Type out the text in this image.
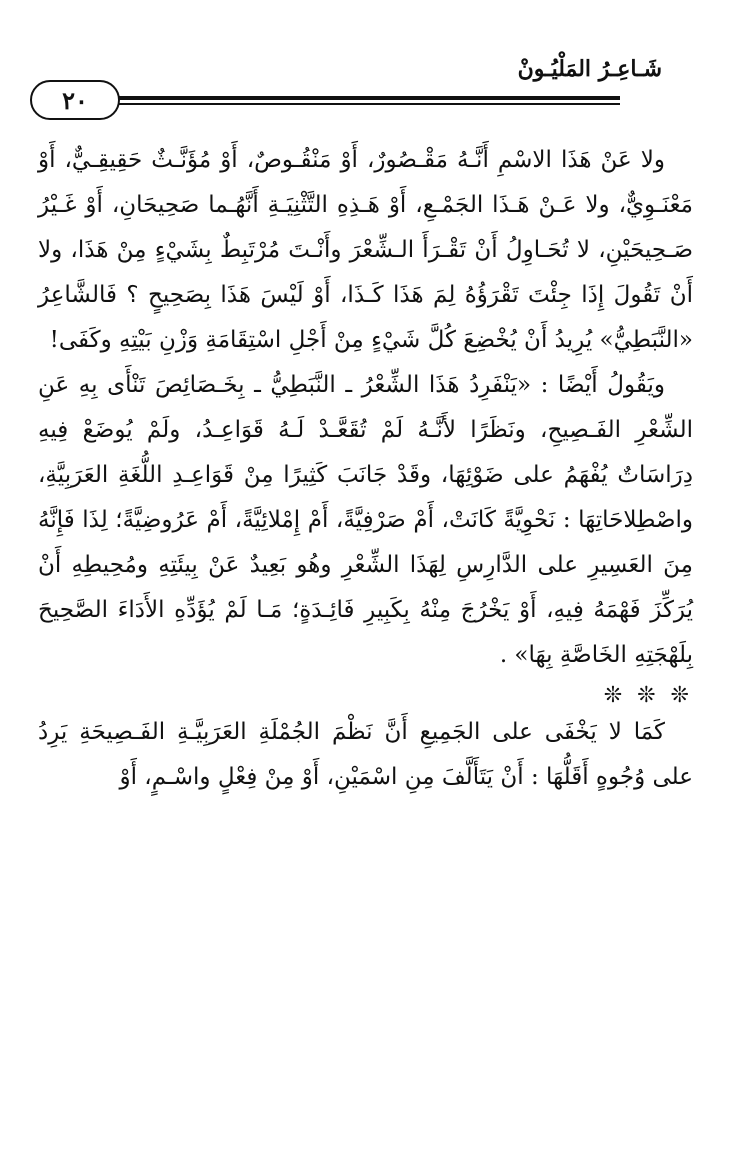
شَـاعِـرُ المَلْيُـونْ
٢٠

ولا عَنْ هَذَا الاسْمِ أَنَّـهُ مَقْـصُورٌ، أَوْ مَنْقُـوصٌ، أَوْ مُؤَنَّـثٌ حَقِيقِـيٌّ، أَوْ مَعْنَـوِيٌّ، ولا عَـنْ هَـذَا الجَمْـعِ، أَوْ هَـذِهِ التَّثْنِيَـةِ أَنَّهُـما صَحِيحَانِ، أَوْ غَـيْرُ صَـحِيحَيْنِ، لا تُحَـاوِلُ أَنْ تَقْـرَأَ الـشِّعْرَ وأَنْـتَ مُرْتَبِطٌ بِشَيْءٍ مِنْ هَذَا، ولا أَنْ تَقُولَ إِذَا جِئْتَ تَقْرَؤُهُ لِمَ هَذَا كَـذَا، أَوْ لَيْسَ هَذَا بِصَحِيحٍ ؟ فَالشَّاعِرُ «النَّبَطِيُّ» يُرِيدُ أَنْ يُخْضِعَ كُلَّ شَيْءٍ مِنْ أَجْلِ اسْتِقَامَةِ وَزْنِ بَيْتِهِ وكَفَى!

ويَقُولُ أَيْضًا : «يَنْفَرِدُ هَذَا الشِّعْرُ ـ النَّبَطِيُّ ـ بِخَـصَائِصَ تَنْأَى بِهِ عَنِ الشِّعْرِ الفَـصِيحِ، ونَظَرًا لأَنَّـهُ لَمْ تُقَعَّـدْ لَـهُ قَوَاعِـدُ، ولَمْ يُوضَعْ فِيهِ دِرَاسَاتٌ يُفْهَمُ على ضَوْئِهَا، وقَدْ جَانَبَ كَثِيرًا مِنْ قَوَاعِـدِ اللُّغَةِ العَرَبِيَّةِ، واصْطِلاحَاتِهَا : نَحْوِيَّةً كَانَتْ، أَمْ صَرْفِيَّةً، أَمْ إِمْلائِيَّةً، أَمْ عَرُوضِيَّةً؛ لِذَا فَإِنَّهُ مِنَ العَسِيرِ على الدَّارِسِ لِهَذَا الشِّعْرِ وهُو بَعِيدٌ عَنْ بِيئَتِهِ ومُحِيطِهِ أَنْ يُرَكِّزَ فَهْمَهُ فِيهِ، أَوْ يَخْرُجَ مِنْهُ بِكَبِيرِ فَائِـدَةٍ؛ مَـا لَمْ يُؤَدِّهِ الأَدَاءَ الصَّحِيحَ بِلَهْجَتِهِ الخَاصَّةِ بِهَا» .

❊ ❊ ❊

كَمَا لا يَخْفَى على الجَمِيعِ أَنَّ نَظْمَ الجُمْلَةِ العَرَبِيَّـةِ الفَـصِيحَةِ يَرِدُ على وُجُوهٍ أَقَلُّهَا : أَنْ يَتَأَلَّفَ مِنِ اسْمَيْنِ، أَوْ مِنْ فِعْلٍ واسْـمٍ، أَوْ
